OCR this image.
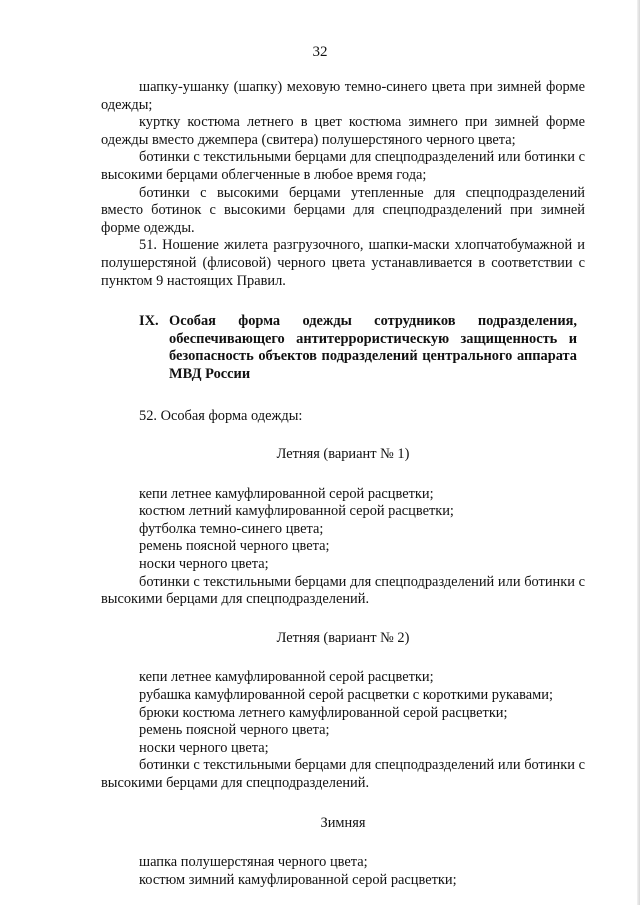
32

шапку-ушанку (шапку) меховую темно-синего цвета при зимней форме одежды;

куртку костюма летнего в цвет костюма зимнего при зимней форме одежды вместо джемпера (свитера) полушерстяного черного цвета;

ботинки с текстильными берцами для спецподразделений или ботинки с высокими берцами облегченные в любое время года;

ботинки с высокими берцами утепленные для спецподразделений вместо ботинок с высокими берцами для спецподразделений при зимней форме одежды.

51. Ношение жилета разгрузочного, шапки-маски хлопчатобумажной и полушерстяной (флисовой) черного цвета устанавливается в соответствии с пунктом 9 настоящих Правил.

IX. Особая форма одежды сотрудников подразделения, обеспечивающего антитеррористическую защищенность и безопасность объектов подразделений центрального аппарата МВД России

52. Особая форма одежды:

Летняя (вариант № 1)

кепи летнее камуфлированной серой расцветки;

костюм летний камуфлированной серой расцветки;

футболка темно-синего цвета;

ремень поясной черного цвета;

носки черного цвета;

ботинки с текстильными берцами для спецподразделений или ботинки с высокими берцами для спецподразделений.

Летняя (вариант № 2)

кепи летнее камуфлированной серой расцветки;

рубашка камуфлированной серой расцветки с короткими рукавами;

брюки костюма летнего камуфлированной серой расцветки;

ремень поясной черного цвета;

носки черного цвета;

ботинки с текстильными берцами для спецподразделений или ботинки с высокими берцами для спецподразделений.

Зимняя

шапка полушерстяная черного цвета;

костюм зимний камуфлированной серой расцветки;
